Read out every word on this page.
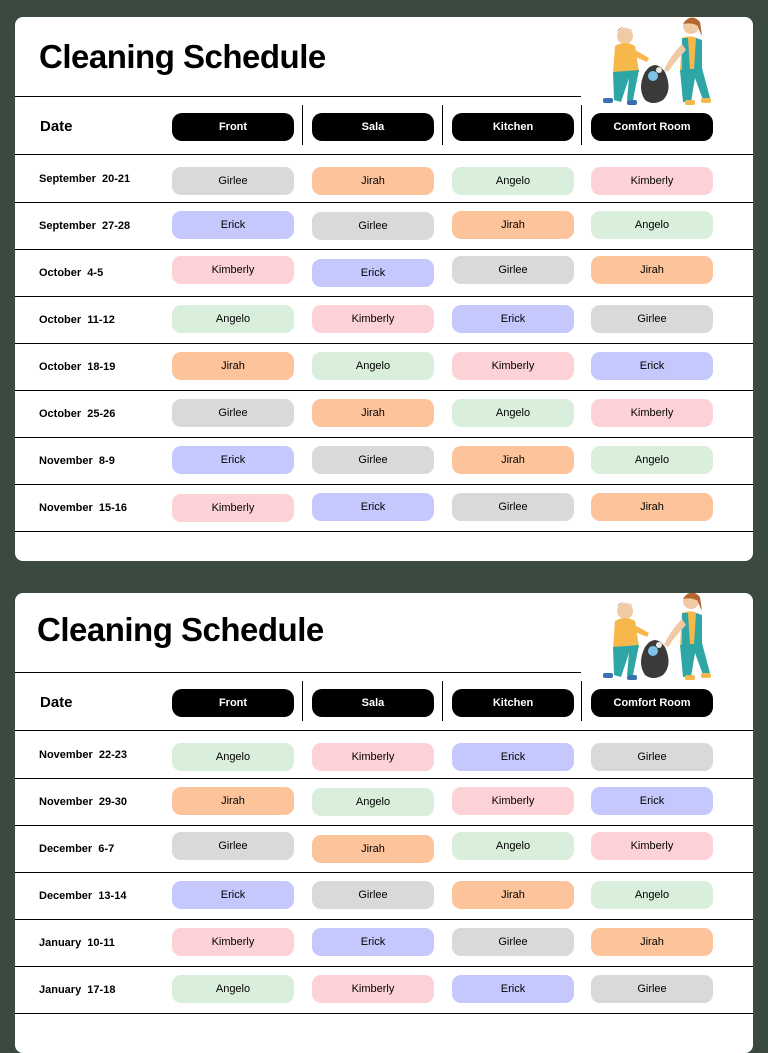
Cleaning Schedule
Date	Front	Sala	Kitchen	Comfort Room
September  20-21	Girlee	Jirah	Angelo	Kimberly
September  27-28	Erick	Girlee	Jirah	Angelo
October  4-5	Kimberly	Erick	Girlee	Jirah
October  11-12	Angelo	Kimberly	Erick	Girlee
October  18-19	Jirah	Angelo	Kimberly	Erick
October  25-26	Girlee	Jirah	Angelo	Kimberly
November  8-9	Erick	Girlee	Jirah	Angelo
November  15-16	Kimberly	Erick	Girlee	Jirah
Cleaning Schedule
Date	Front	Sala	Kitchen	Comfort Room
November  22-23	Angelo	Kimberly	Erick	Girlee
November  29-30	Jirah	Angelo	Kimberly	Erick
December  6-7	Girlee	Jirah	Angelo	Kimberly
December  13-14	Erick	Girlee	Jirah	Angelo
January  10-11	Kimberly	Erick	Girlee	Jirah
January  17-18	Angelo	Kimberly	Erick	Girlee
